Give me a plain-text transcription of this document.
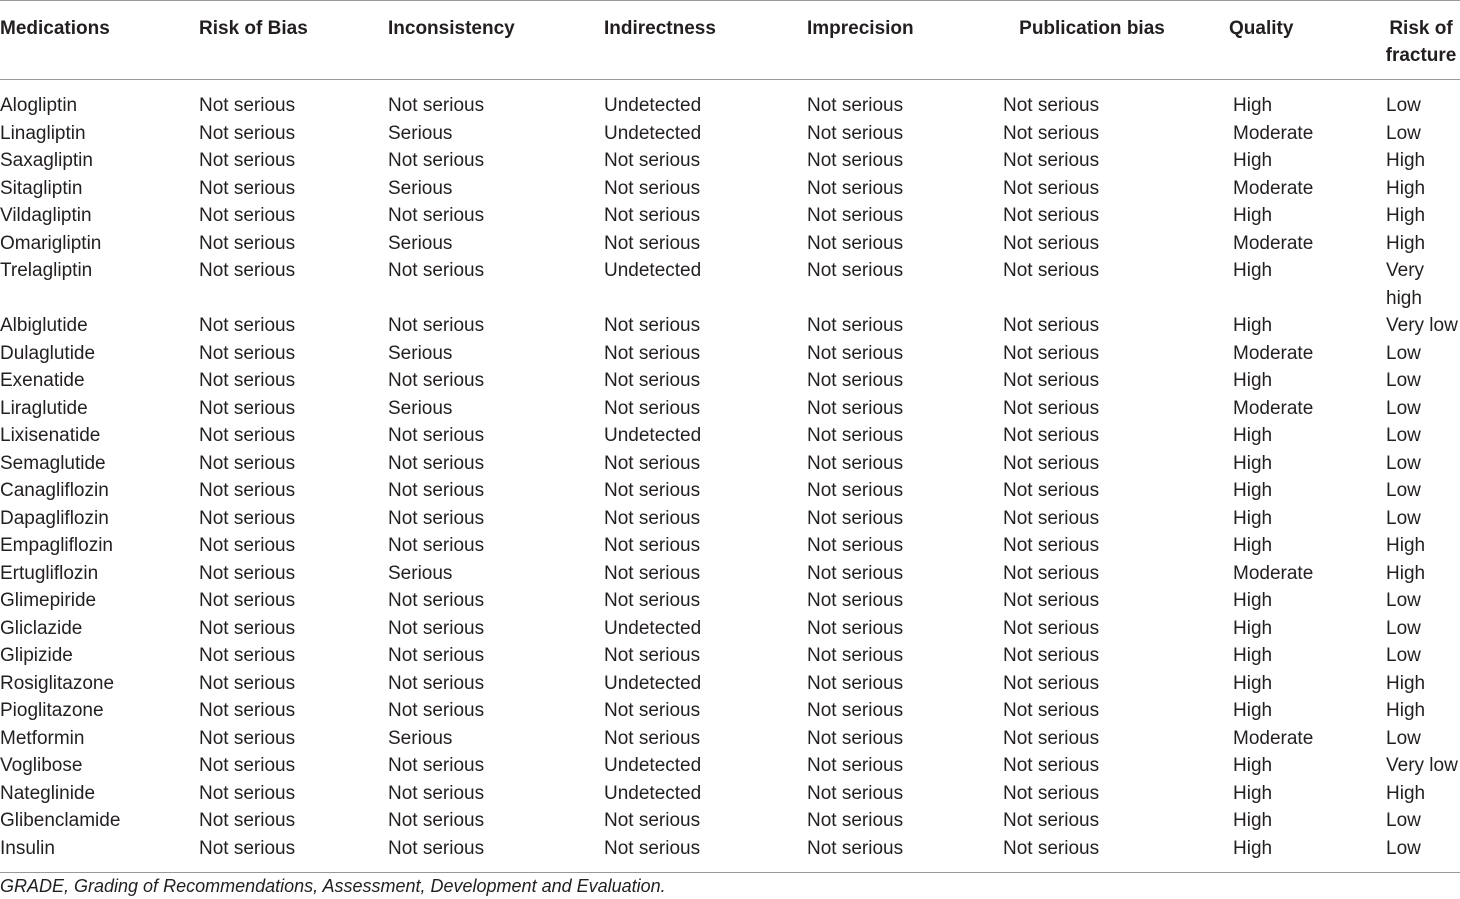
Medications	Risk of Bias	Inconsistency	Indirectness	Imprecision	Publication bias	Quality	Risk of fracture
Alogliptin	Not serious	Not serious	Undetected	Not serious	Not serious	High	Low
Linagliptin	Not serious	Serious	Undetected	Not serious	Not serious	Moderate	Low
Saxagliptin	Not serious	Not serious	Not serious	Not serious	Not serious	High	High
Sitagliptin	Not serious	Serious	Not serious	Not serious	Not serious	Moderate	High
Vildagliptin	Not serious	Not serious	Not serious	Not serious	Not serious	High	High
Omarigliptin	Not serious	Serious	Not serious	Not serious	Not serious	Moderate	High
Trelagliptin	Not serious	Not serious	Undetected	Not serious	Not serious	High	Very high
Albiglutide	Not serious	Not serious	Not serious	Not serious	Not serious	High	Very low
Dulaglutide	Not serious	Serious	Not serious	Not serious	Not serious	Moderate	Low
Exenatide	Not serious	Not serious	Not serious	Not serious	Not serious	High	Low
Liraglutide	Not serious	Serious	Not serious	Not serious	Not serious	Moderate	Low
Lixisenatide	Not serious	Not serious	Undetected	Not serious	Not serious	High	Low
Semaglutide	Not serious	Not serious	Not serious	Not serious	Not serious	High	Low
Canagliflozin	Not serious	Not serious	Not serious	Not serious	Not serious	High	Low
Dapagliflozin	Not serious	Not serious	Not serious	Not serious	Not serious	High	Low
Empagliflozin	Not serious	Not serious	Not serious	Not serious	Not serious	High	High
Ertugliflozin	Not serious	Serious	Not serious	Not serious	Not serious	Moderate	High
Glimepiride	Not serious	Not serious	Not serious	Not serious	Not serious	High	Low
Gliclazide	Not serious	Not serious	Undetected	Not serious	Not serious	High	Low
Glipizide	Not serious	Not serious	Not serious	Not serious	Not serious	High	Low
Rosiglitazone	Not serious	Not serious	Undetected	Not serious	Not serious	High	High
Pioglitazone	Not serious	Not serious	Not serious	Not serious	Not serious	High	High
Metformin	Not serious	Serious	Not serious	Not serious	Not serious	Moderate	Low
Voglibose	Not serious	Not serious	Undetected	Not serious	Not serious	High	Very low
Nateglinide	Not serious	Not serious	Undetected	Not serious	Not serious	High	High
Glibenclamide	Not serious	Not serious	Not serious	Not serious	Not serious	High	Low
Insulin	Not serious	Not serious	Not serious	Not serious	Not serious	High	Low

GRADE, Grading of Recommendations, Assessment, Development and Evaluation.
